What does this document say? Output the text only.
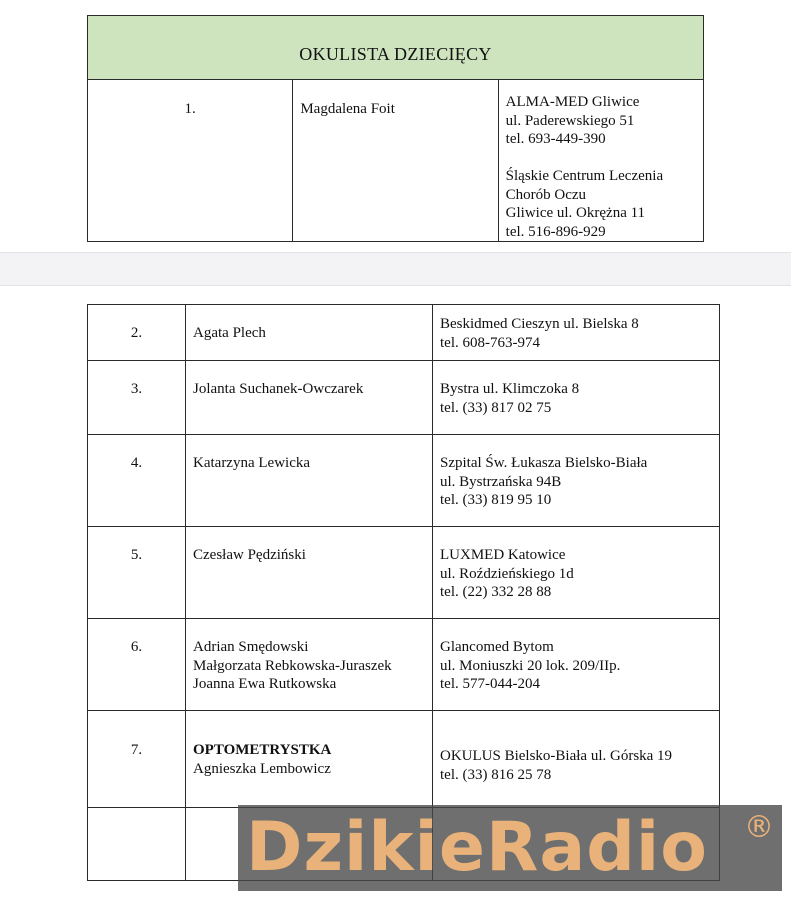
OKULISTA DZIECIĘCY
1.	Magdalena Foit	ALMA-MED Gliwice
ul. Paderewskiego 51
tel. 693-449-390
Śląskie Centrum Leczenia Chorób Oczu
Gliwice ul. Okrężna 11
tel. 516-896-929
2.	Agata Plech	Beskidmed Cieszyn ul. Bielska 8
tel. 608-763-974

3.	Jolanta Suchanek-Owczarek	Bystra ul. Klimczoka 8
tel. (33) 817 02 75

4.	Katarzyna Lewicka	Szpital Św. Łukasza Bielsko-Biała
ul. Bystrzańska 94B
tel. (33) 819 95 10

5.	Czesław Pędziński	LUXMED Katowice
ul. Roździeńskiego 1d
tel. (22) 332 28 88

6.	Adrian Smędowski
Małgorzata Rebkowska-Juraszek
Joanna Ewa Rutkowska	Glancomed Bytom
ul. Moniuszki 20 lok. 209/IIp.
tel. 577-044-204

7.	OPTOMETRYSTKA
Agnieszka Lembowicz	OKULUS Bielsko-Biała ul. Górska 19
tel. (33) 816 25 78

DzikieRadio ®
